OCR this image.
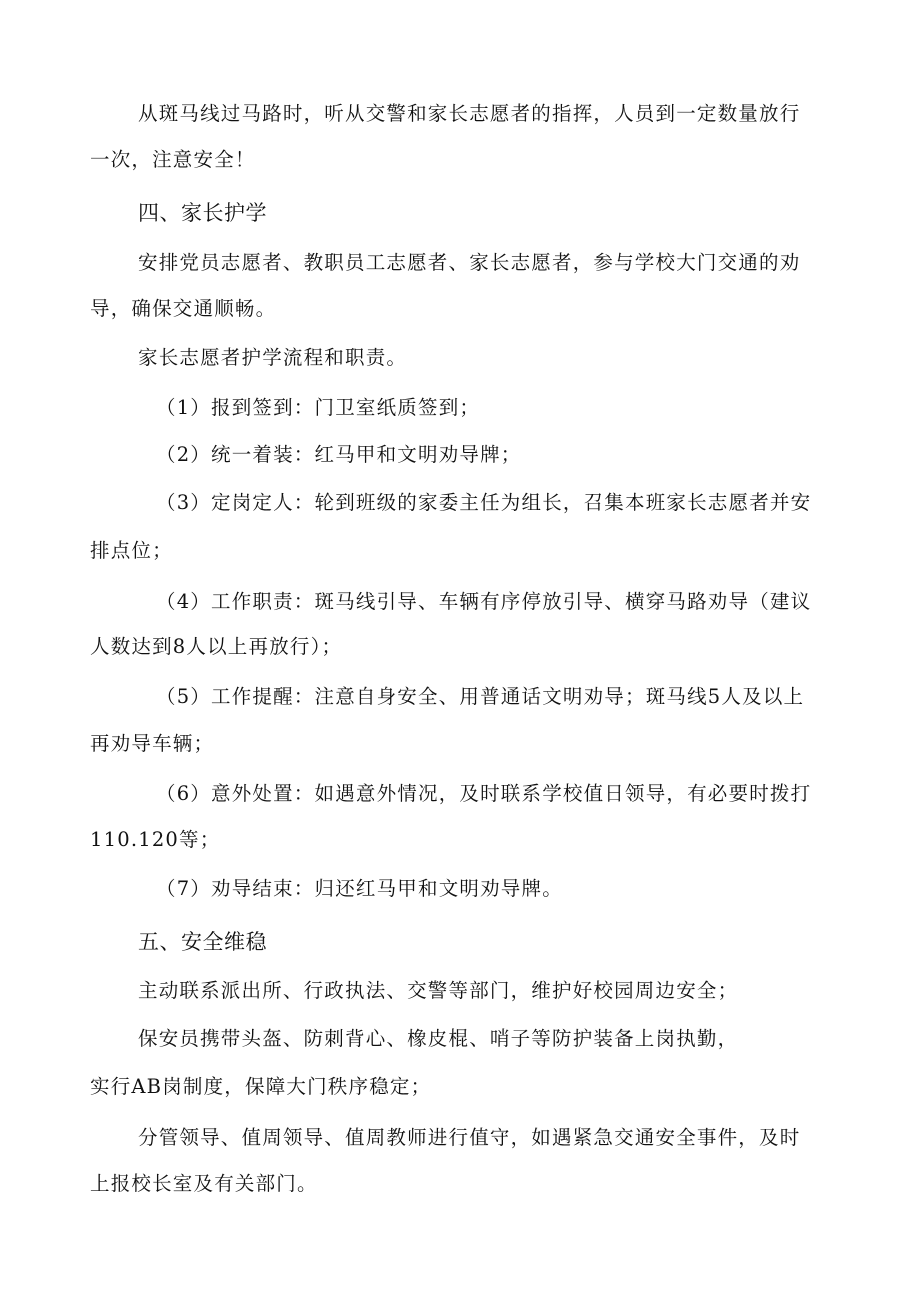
从斑马线过马路时，听从交警和家长志愿者的指挥，人员到一定数量放行
一次，注意安全！
四、家长护学
安排党员志愿者、教职员工志愿者、家长志愿者，参与学校大门交通的劝
导，确保交通顺畅。
家长志愿者护学流程和职责。
（1）报到签到：门卫室纸质签到；
（2）统一着装：红马甲和文明劝导牌；
（3）定岗定人：轮到班级的家委主任为组长，召集本班家长志愿者并安
排点位；
（4）工作职责：斑马线引导、车辆有序停放引导、横穿马路劝导（建议
人数达到8人以上再放行）；
（5）工作提醒：注意自身安全、用普通话文明劝导；斑马线5人及以上
再劝导车辆；
（6）意外处置：如遇意外情况，及时联系学校值日领导，有必要时拨打
110.120等；
（7）劝导结束：归还红马甲和文明劝导牌。
五、安全维稳
主动联系派出所、行政执法、交警等部门，维护好校园周边安全；
保安员携带头盔、防刺背心、橡皮棍、哨子等防护装备上岗执勤，
实行AB岗制度，保障大门秩序稳定；
分管领导、值周领导、值周教师进行值守，如遇紧急交通安全事件，及时
上报校长室及有关部门。
